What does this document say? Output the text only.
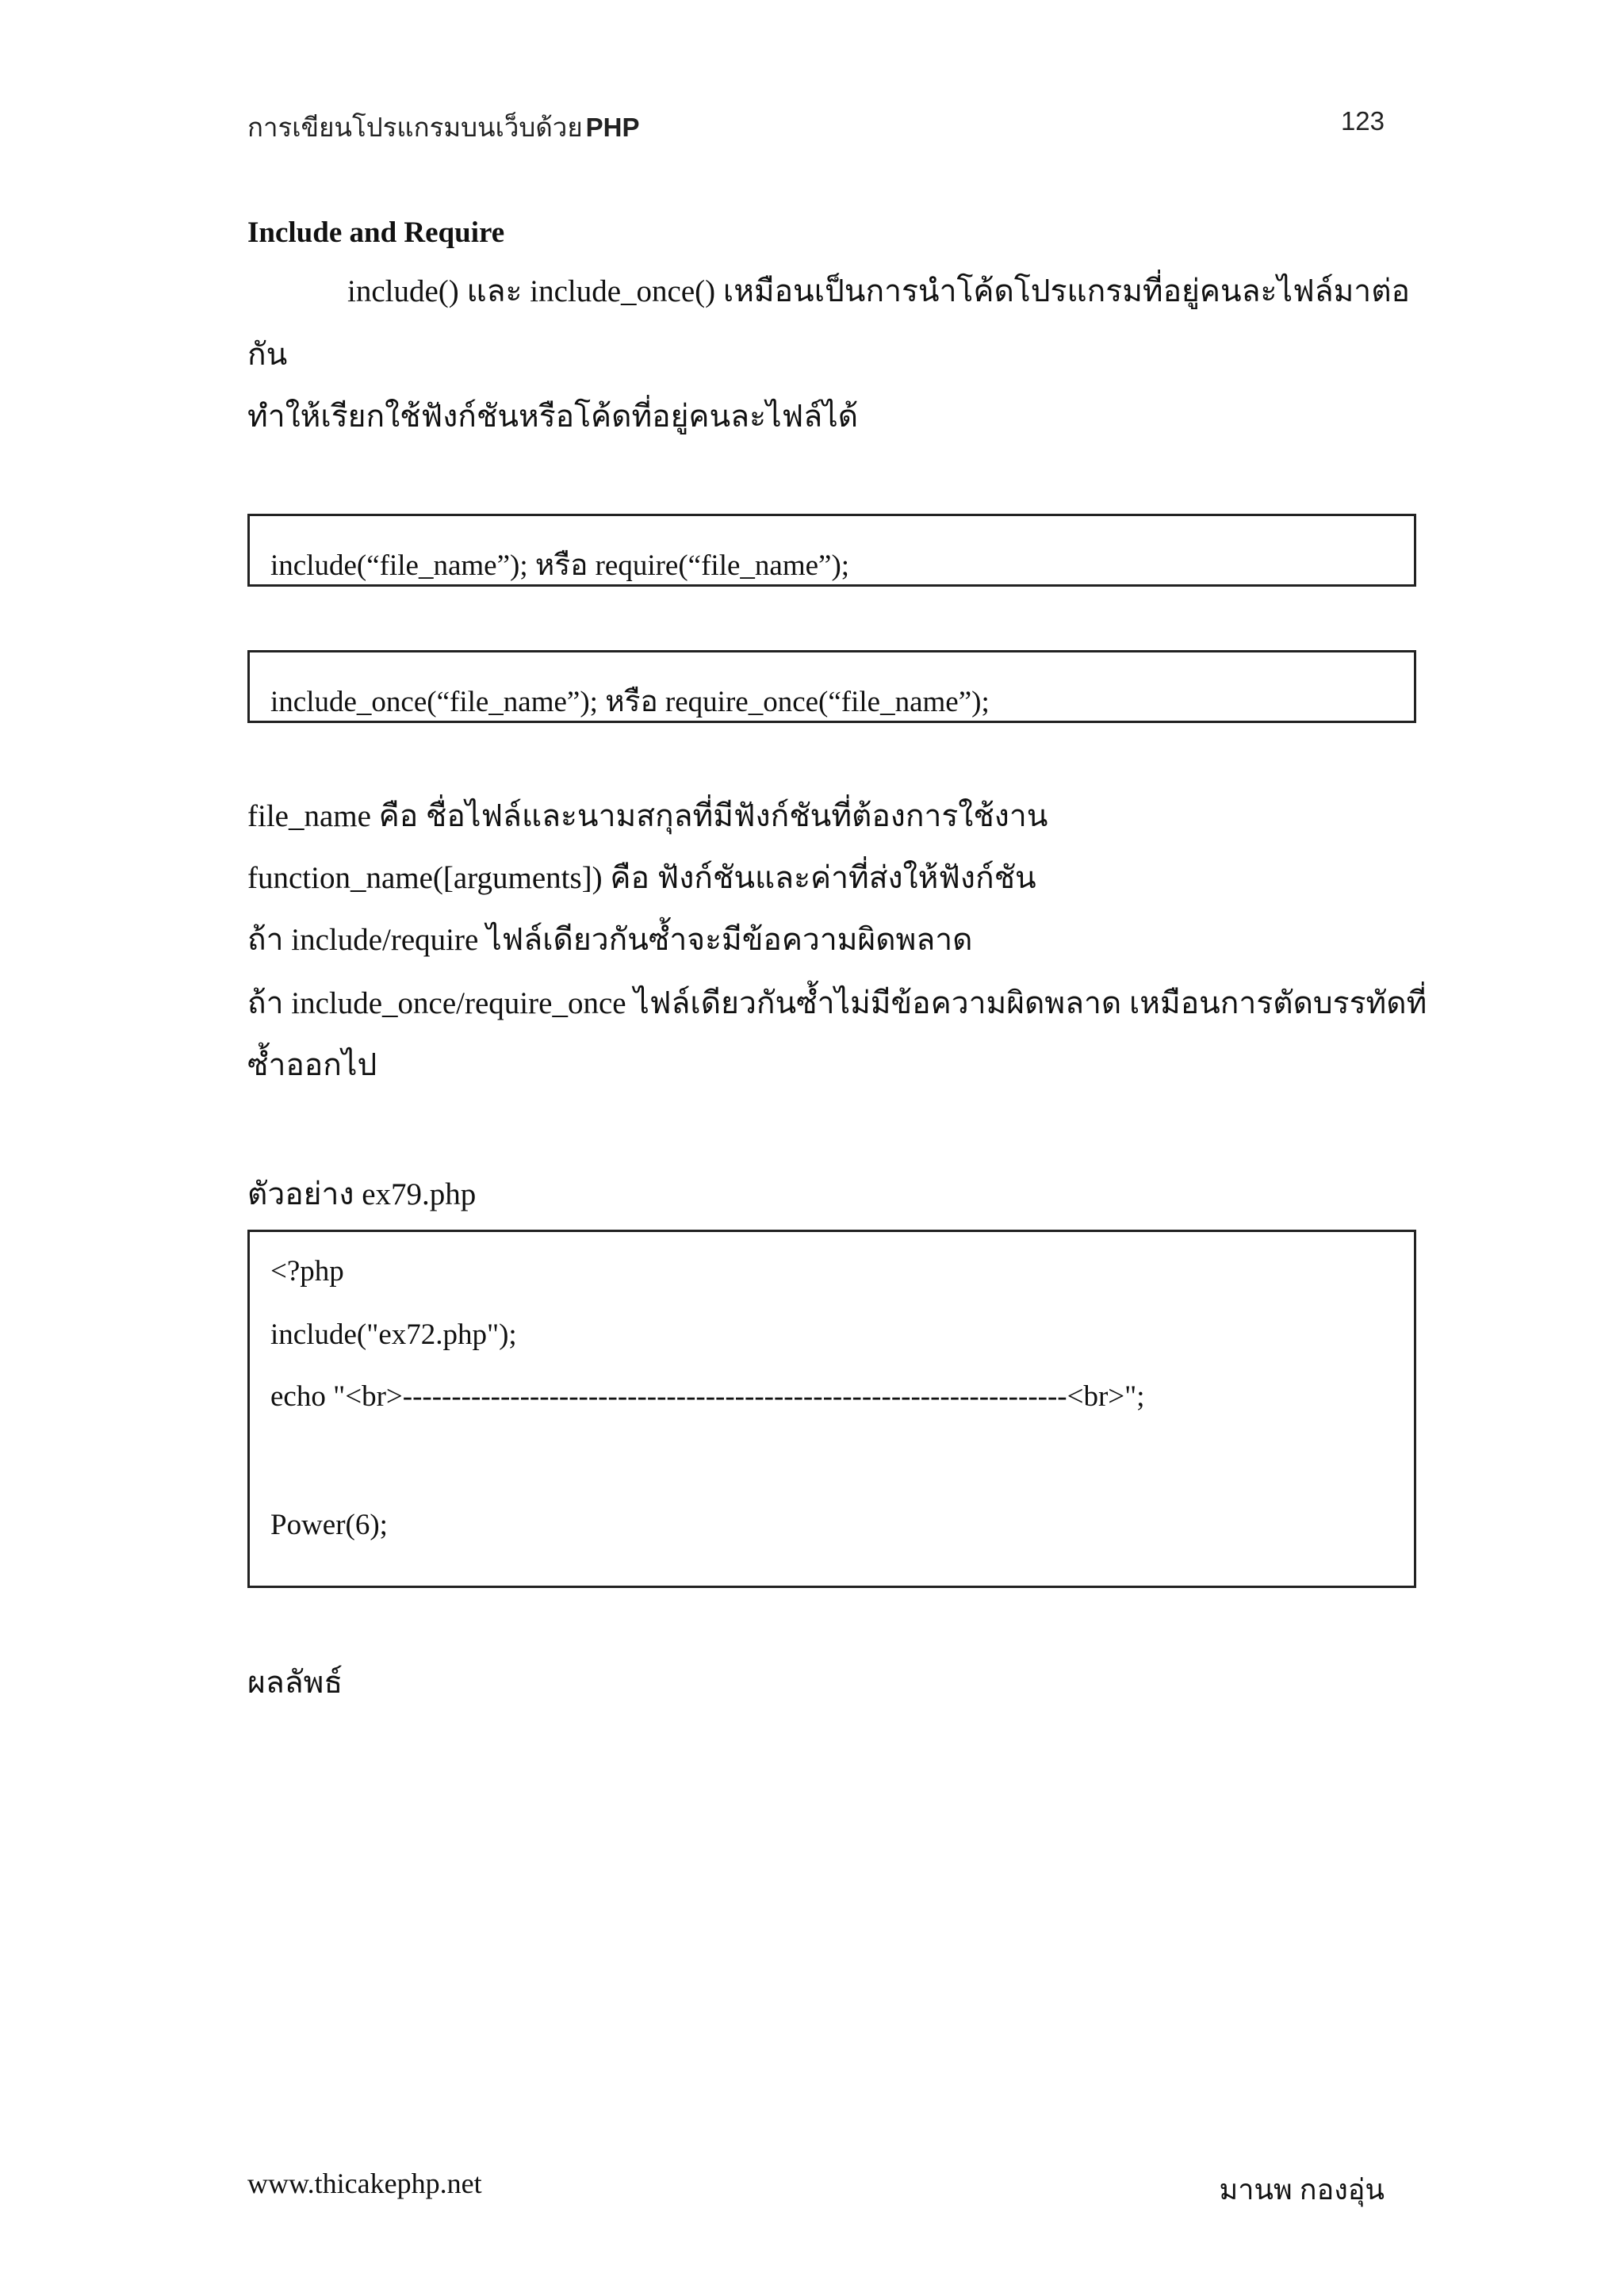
การเขียนโปรแกรมบนเว็บด้วย PHP	123
Include and Require
include() และ include_once() เหมือนเป็นการนำโค้ดโปรแกรมที่อยู่คนละไฟล์มาต่อ
กัน
ทำให้เรียกใช้ฟังก์ชันหรือโค้ดที่อยู่คนละไฟล์ได้
include(“file_name”); หรือ require(“file_name”);
include_once(“file_name”); หรือ require_once(“file_name”);
file_name คือ ชื่อไฟล์และนามสกุลที่มีฟังก์ชันที่ต้องการใช้งาน
function_name([arguments]) คือ ฟังก์ชันและค่าที่ส่งให้ฟังก์ชัน
ถ้า include/require ไฟล์เดียวกันซ้ำจะมีข้อความผิดพลาด
ถ้า include_once/require_once ไฟล์เดียวกันซ้ำไม่มีข้อความผิดพลาด เหมือนการตัดบรรทัดที่
ซ้ำออกไป
ตัวอย่าง ex79.php
<?php
include("ex72.php");
echo "<br>--------------------------------------------------------------------<br>";
Power(6);
ผลลัพธ์
www.thicakephp.net	มานพ กองอุ่น
